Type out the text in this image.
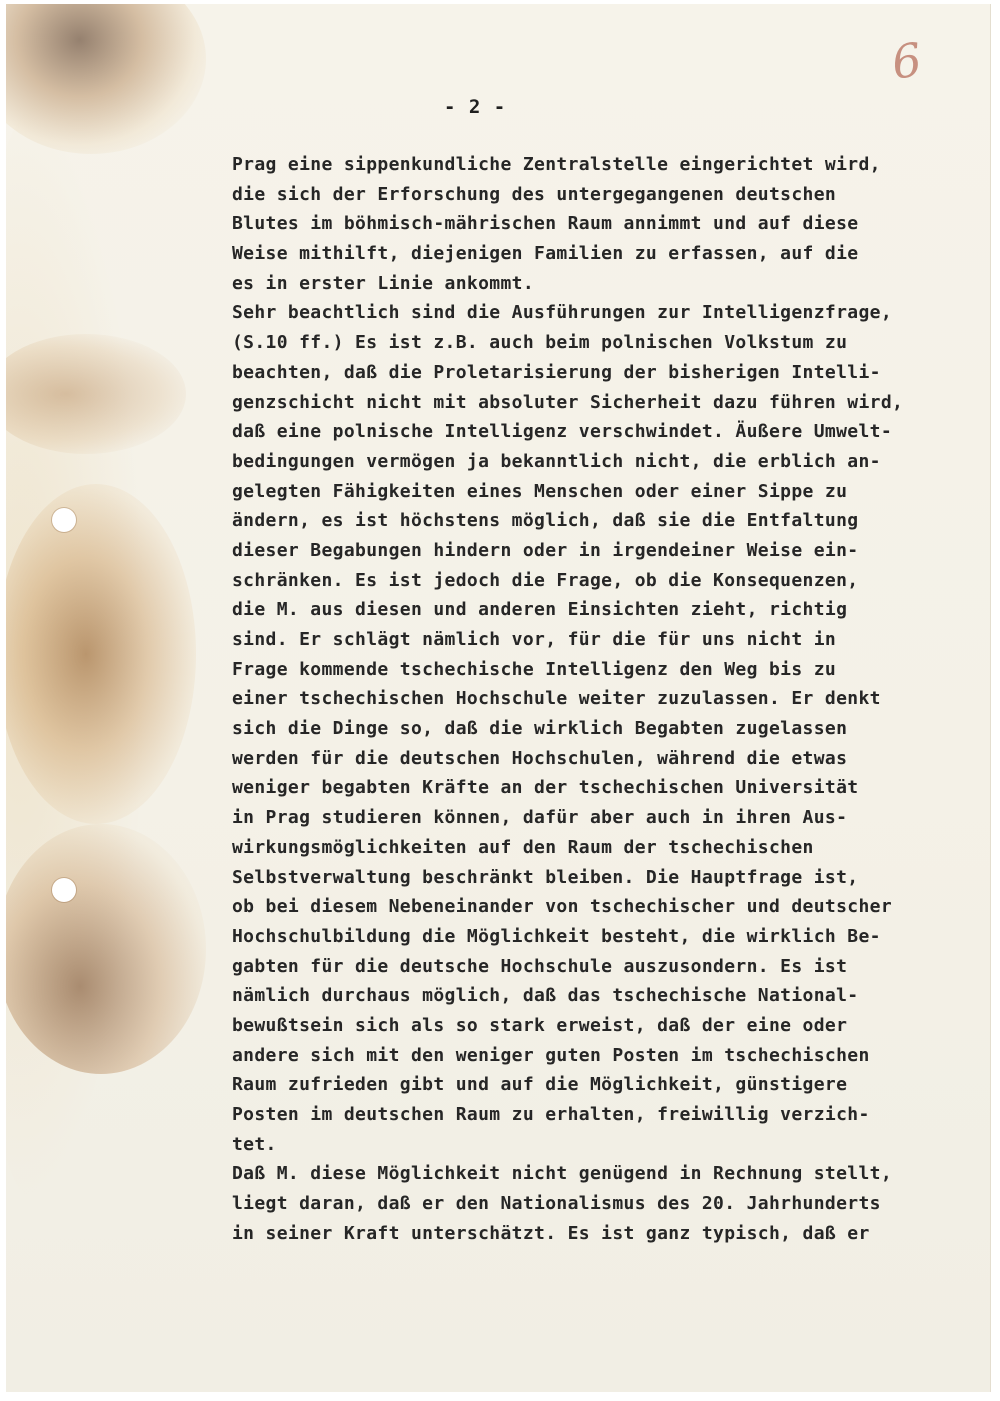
6
- 2 -
Prag eine sippenkundliche Zentralstelle eingerichtet wird,
die sich der Erforschung des untergegangenen deutschen
Blutes im böhmisch-mährischen Raum annimmt und auf diese
Weise mithilft, diejenigen Familien zu erfassen, auf die
es in erster Linie ankommt.
Sehr beachtlich sind die Ausführungen zur Intelligenzfrage,
(S.10 ff.) Es ist z.B. auch beim polnischen Volkstum zu
beachten, daß die Proletarisierung der bisherigen Intelli-
genzschicht nicht mit absoluter Sicherheit dazu führen wird,
daß eine polnische Intelligenz verschwindet. Äußere Umwelt-
bedingungen vermögen ja bekanntlich nicht, die erblich an-
gelegten Fähigkeiten eines Menschen oder einer Sippe zu
ändern, es ist höchstens möglich, daß sie die Entfaltung
dieser Begabungen hindern oder in irgendeiner Weise ein-
schränken. Es ist jedoch die Frage, ob die Konsequenzen,
die M. aus diesen und anderen Einsichten zieht, richtig
sind. Er schlägt nämlich vor, für die für uns nicht in
Frage kommende tschechische Intelligenz den Weg bis zu
einer tschechischen Hochschule weiter zuzulassen. Er denkt
sich die Dinge so, daß die wirklich Begabten zugelassen
werden für die deutschen Hochschulen, während die etwas
weniger begabten Kräfte an der tschechischen Universität
in Prag studieren können, dafür aber auch in ihren Aus-
wirkungsmöglichkeiten auf den Raum der tschechischen
Selbstverwaltung beschränkt bleiben. Die Hauptfrage ist,
ob bei diesem Nebeneinander von tschechischer und deutscher
Hochschulbildung die Möglichkeit besteht, die wirklich Be-
gabten für die deutsche Hochschule auszusondern. Es ist
nämlich durchaus möglich, daß das tschechische National-
bewußtsein sich als so stark erweist, daß der eine oder
andere sich mit den weniger guten Posten im tschechischen
Raum zufrieden gibt und auf die Möglichkeit, günstigere
Posten im deutschen Raum zu erhalten, freiwillig verzich-
tet.
Daß M. diese Möglichkeit nicht genügend in Rechnung stellt,
liegt daran, daß er den Nationalismus des 20. Jahrhunderts
in seiner Kraft unterschätzt. Es ist ganz typisch, daß er
